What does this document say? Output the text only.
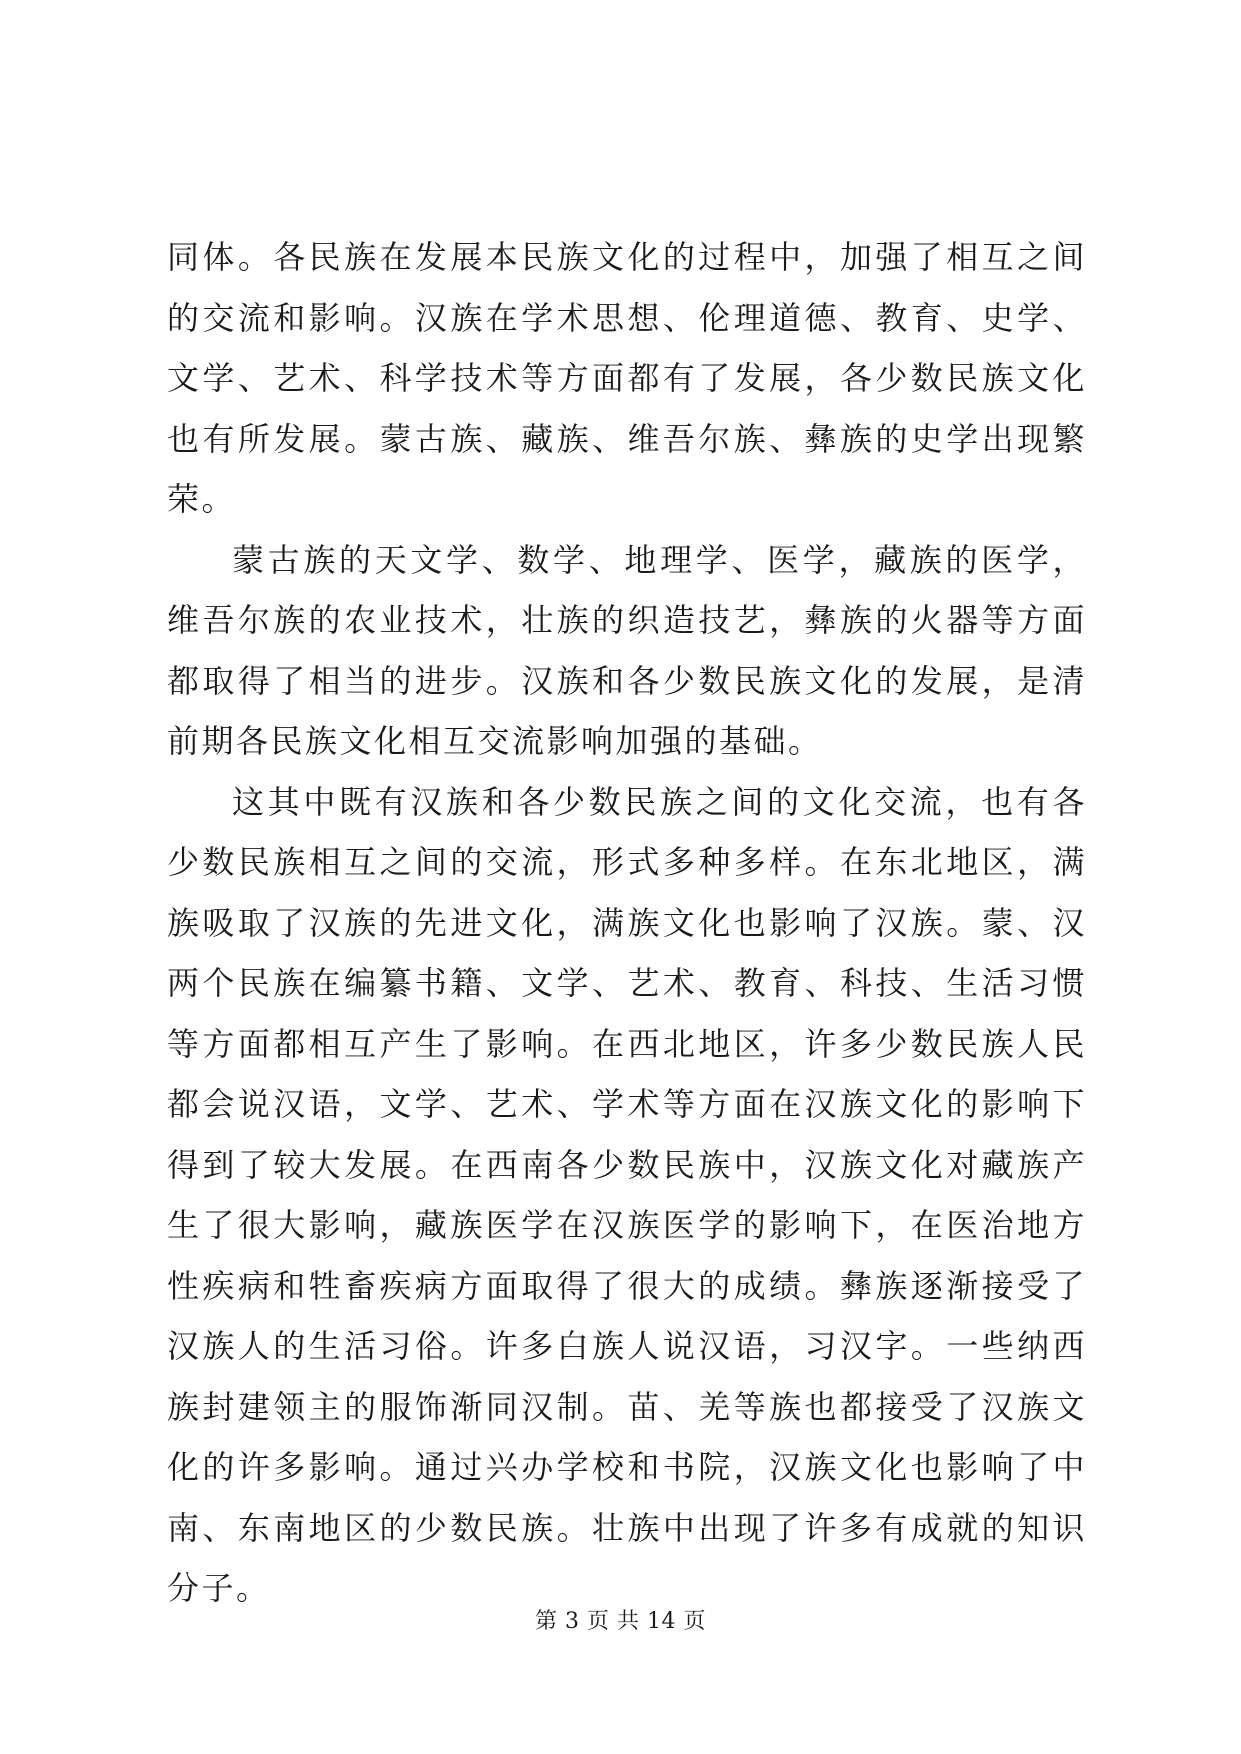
同体。各民族在发展本民族文化的过程中，加强了相互之间的交流和影响。汉族在学术思想、伦理道德、教育、史学、文学、艺术、科学技术等方面都有了发展，各少数民族文化也有所发展。蒙古族、藏族、维吾尔族、彝族的史学出现繁荣。

蒙古族的天文学、数学、地理学、医学，藏族的医学，维吾尔族的农业技术，壮族的织造技艺，彝族的火器等方面都取得了相当的进步。汉族和各少数民族文化的发展，是清前期各民族文化相互交流影响加强的基础。

这其中既有汉族和各少数民族之间的文化交流，也有各少数民族相互之间的交流，形式多种多样。在东北地区，满族吸取了汉族的先进文化，满族文化也影响了汉族。蒙、汉两个民族在编纂书籍、文学、艺术、教育、科技、生活习惯等方面都相互产生了影响。在西北地区，许多少数民族人民都会说汉语，文学、艺术、学术等方面在汉族文化的影响下得到了较大发展。在西南各少数民族中，汉族文化对藏族产生了很大影响，藏族医学在汉族医学的影响下，在医治地方性疾病和牲畜疾病方面取得了很大的成绩。彝族逐渐接受了汉族人的生活习俗。许多白族人说汉语，习汉字。一些纳西族封建领主的服饰渐同汉制。苗、羌等族也都接受了汉族文化的许多影响。通过兴办学校和书院，汉族文化也影响了中南、东南地区的少数民族。壮族中出现了许多有成就的知识分子。

第 3 页 共 14 页
